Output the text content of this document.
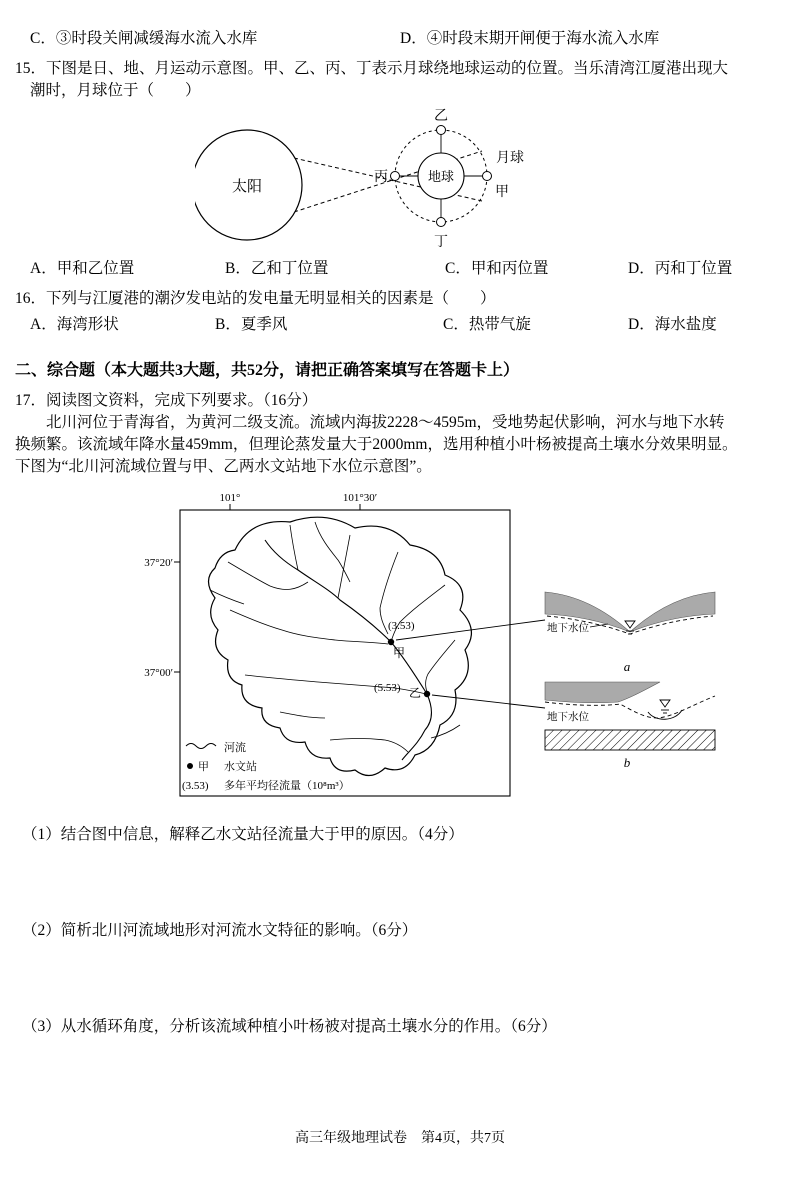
C．③时段关闸减缓海水流入水库	D．④时段末期开闸便于海水流入水库
15．下图是日、地、月运动示意图。甲、乙、丙、丁表示月球绕地球运动的位置。当乐清湾江厦港出现大
潮时，月球位于（　　）
太阳
地球
乙
丁
丙
月球
甲
A．甲和乙位置	B．乙和丁位置	C．甲和丙位置	D．丙和丁位置
16．下列与江厦港的潮汐发电站的发电量无明显相关的因素是（　　）
A．海湾形状	B．夏季风	C．热带气旋	D．海水盐度
二、综合题（本大题共3大题，共52分，请把正确答案填写在答题卡上）
17．阅读图文资料，完成下列要求。（16分）
北川河位于青海省，为黄河二级支流。流域内海拔2228～4595m，受地势起伏影响，河水与地下水转
换频繁。该流域年降水量459mm，但理论蒸发量大于2000mm，选用种植小叶杨被提高土壤水分效果明显。
下图为“北川河流域位置与甲、乙两水文站地下水位示意图”。
101°	101°30′
37°20′
37°00′
(3.53)
甲
(5.53) 乙
地下水位
a
地下水位
b
河流
甲 水文站
(3.53) 多年平均径流量（10⁸m³）
（1）结合图中信息，解释乙水文站径流量大于甲的原因。（4分）
（2）简析北川河流域地形对河流水文特征的影响。（6分）
（3）从水循环角度，分析该流域种植小叶杨被对提高土壤水分的作用。（6分）
高三年级地理试卷　第4页，共7页
